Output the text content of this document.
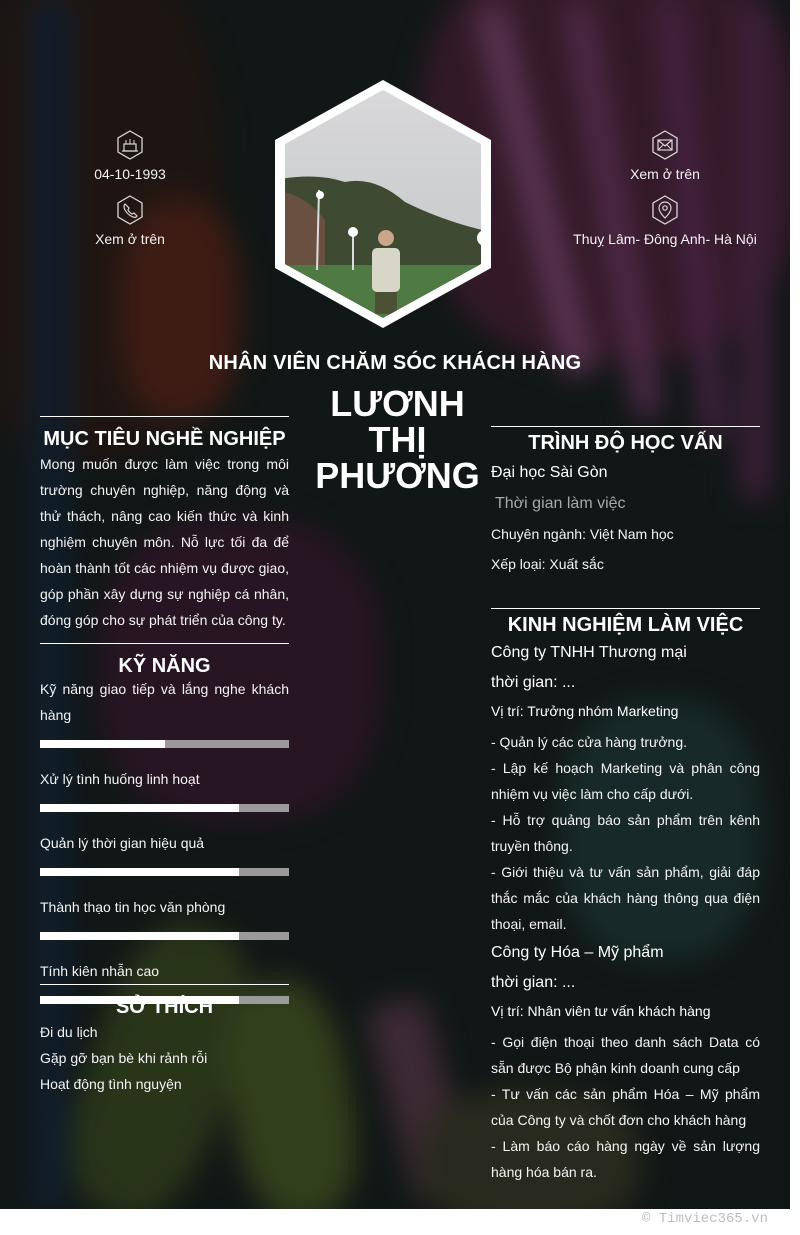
04-10-1993
Xem ở trên
Xem ở trên
Thuỵ Lâm- Đông Anh- Hà Nội
NHÂN VIÊN CHĂM SÓC KHÁCH HÀNG
LƯƠNH
THỊ
PHƯƠNG
MỤC TIÊU NGHỀ NGHIỆP
Mong muốn được làm việc trong môi trường chuyên nghiệp, năng động và thử thách, nâng cao kiến thức và kinh nghiệm chuyên môn. Nỗ lực tối đa để hoàn thành tốt các nhiệm vụ được giao, góp phần xây dựng sự nghiệp cá nhân, đóng góp cho sự phát triển của công ty.
KỸ NĂNG
Kỹ năng giao tiếp và lắng nghe khách hàng
Xử lý tình huống linh hoạt
Quản lý thời gian hiệu quả
Thành thạo tin học văn phòng
Tính kiên nhẫn cao
SỞ THÍCH
Đi du lịch
Gặp gỡ bạn bè khi rảnh rỗi
Hoạt động tình nguyện
TRÌNH ĐỘ HỌC VẤN
Đại học Sài Gòn
Thời gian làm việc
Chuyên ngành: Việt Nam học
Xếp loại: Xuất sắc
KINH NGHIỆM LÀM VIỆC
Công ty TNHH Thương mại
thời gian: ...
Vị trí: Trưởng nhóm Marketing
- Quản lý các cửa hàng trưởng.
- Lập kế hoạch Marketing và phân công nhiệm vụ việc làm cho cấp dưới.
- Hỗ trợ quảng báo sản phẩm trên kênh truyền thông.
- Giới thiệu và tư vấn sản phẩm, giải đáp thắc mắc của khách hàng thông qua điện thoại, email.
Công ty Hóa – Mỹ phẩm
thời gian: ...
Vị trí: Nhân viên tư vấn khách hàng
- Gọi điện thoại theo danh sách Data có sẵn được Bộ phận kinh doanh cung cấp
- Tư vấn các sản phẩm Hóa – Mỹ phẩm của Công ty và chốt đơn cho khách hàng
- Làm báo cáo hàng ngày về sản lượng hàng hóa bán ra.
© Timviec365.vn
